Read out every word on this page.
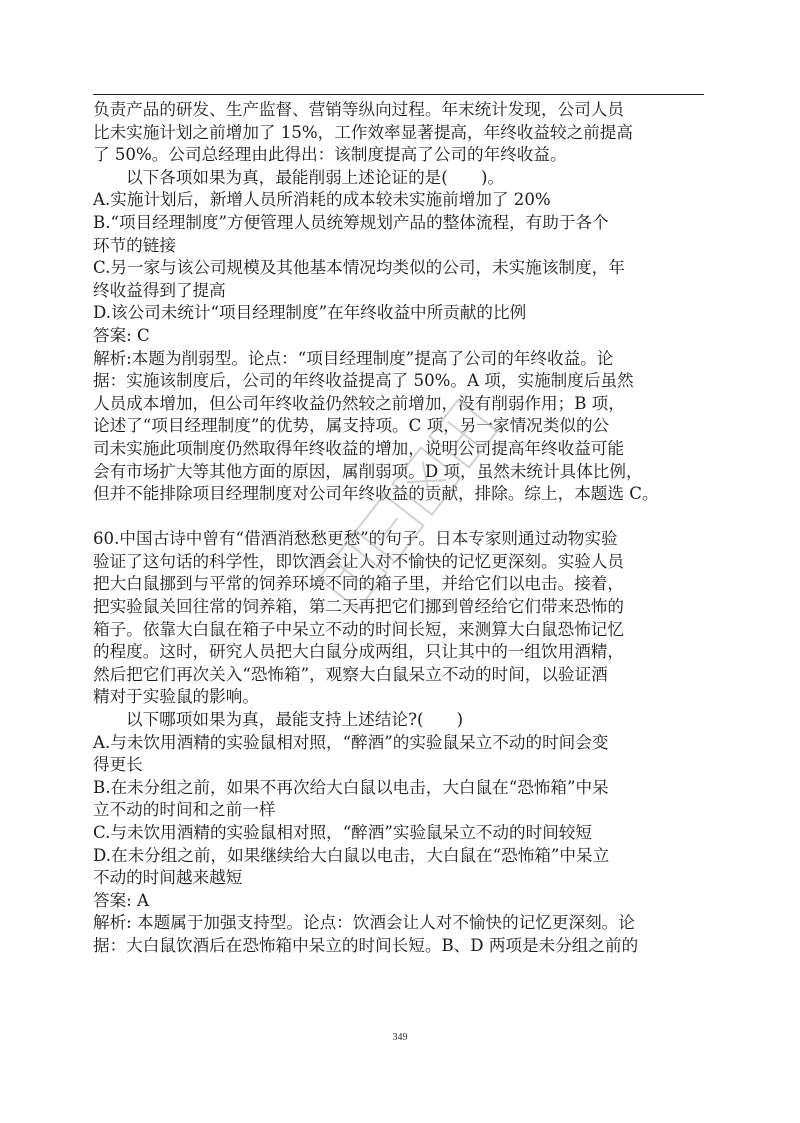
负责产品的研发、生产监督、营销等纵向过程。年末统计发现，公司人员
比未实施计划之前增加了 15%，工作效率显著提高，年终收益较之前提高
了 50%。公司总经理由此得出：该制度提高了公司的年终收益。
以下各项如果为真，最能削弱上述论证的是(　　)。
A.实施计划后，新增人员所消耗的成本较未实施前增加了 20%
B.“项目经理制度”方便管理人员统筹规划产品的整体流程，有助于各个
环节的链接
C.另一家与该公司规模及其他基本情况均类似的公司，未实施该制度，年
终收益得到了提高
D.该公司未统计“项目经理制度”在年终收益中所贡献的比例
答案: C
解析:本题为削弱型。论点：“项目经理制度”提高了公司的年终收益。论
据：实施该制度后，公司的年终收益提高了 50%。A 项，实施制度后虽然
人员成本增加，但公司年终收益仍然较之前增加，没有削弱作用；B 项，
论述了“项目经理制度”的优势，属支持项。C 项，另一家情况类似的公
司未实施此项制度仍然取得年终收益的增加，说明公司提高年终收益可能
会有市场扩大等其他方面的原因，属削弱项。D 项，虽然未统计具体比例，
但并不能排除项目经理制度对公司年终收益的贡献，排除。综上，本题选 C。
60.中国古诗中曾有“借酒消愁愁更愁”的句子。日本专家则通过动物实验
验证了这句话的科学性，即饮酒会让人对不愉快的记忆更深刻。实验人员
把大白鼠挪到与平常的饲养环境不同的箱子里，并给它们以电击。接着，
把实验鼠关回往常的饲养箱，第二天再把它们挪到曾经给它们带来恐怖的
箱子。依靠大白鼠在箱子中呆立不动的时间长短，来测算大白鼠恐怖记忆
的程度。这时，研究人员把大白鼠分成两组，只让其中的一组饮用酒精，
然后把它们再次关入“恐怖箱”，观察大白鼠呆立不动的时间，以验证酒
精对于实验鼠的影响。
以下哪项如果为真，最能支持上述结论?(　　)
A.与未饮用酒精的实验鼠相对照，“醉酒”的实验鼠呆立不动的时间会变
得更长
B.在未分组之前，如果不再次给大白鼠以电击，大白鼠在“恐怖箱”中呆
立不动的时间和之前一样
C.与未饮用酒精的实验鼠相对照，“醉酒”实验鼠呆立不动的时间较短
D.在未分组之前，如果继续给大白鼠以电击，大白鼠在“恐怖箱”中呆立
不动的时间越来越短
答案: A
解析: 本题属于加强支持型。论点：饮酒会让人对不愉快的记忆更深刻。论
据：大白鼠饮酒后在恐怖箱中呆立的时间长短。B、D 两项是未分组之前的
349
